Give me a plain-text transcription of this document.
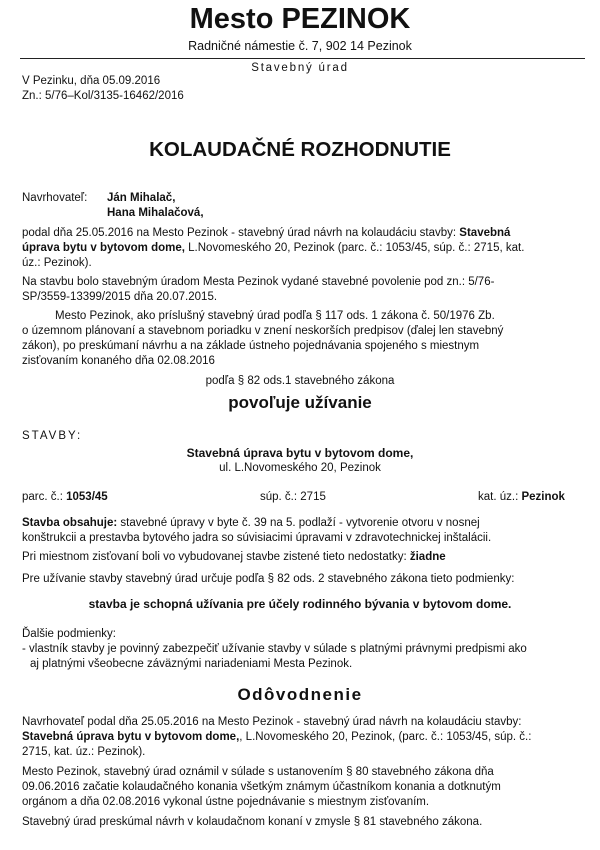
Mesto PEZINOK
Radničné námestie č. 7, 902 14 Pezinok
Stavebný úrad
V Pezinku, dňa 05.09.2016
Zn.: 5/76–Kol/3135-16462/2016
KOLAUDAČNÉ ROZHODNUTIE
Navrhovateľ: Ján Mihalač,
Hana Mihalačová,
podal dňa 25.05.2016 na Mesto Pezinok - stavebný úrad návrh na kolaudáciu stavby: Stavebná
úprava bytu v bytovom dome, L.Novomeského 20, Pezinok (parc. č.: 1053/45, súp. č.: 2715, kat.
úz.: Pezinok).
Na stavbu bolo stavebným úradom Mesta Pezinok vydané stavebné povolenie pod zn.: 5/76-
SP/3559-13399/2015 dňa 20.07.2015.
Mesto Pezinok, ako príslušný stavebný úrad podľa § 117 ods. 1 zákona č. 50/1976 Zb.
o územnom plánovaní a stavebnom poriadku v znení neskorších predpisov (ďalej len stavebný
zákon), po preskúmaní návrhu a na základe ústneho pojednávania spojeného s miestnym
zisťovaním konaného dňa 02.08.2016
podľa § 82 ods.1 stavebného zákona
povoľuje užívanie
STAVBY:
Stavebná úprava bytu v bytovom dome,
ul. L.Novomeského 20, Pezinok
parc. č.: 1053/45	súp. č.: 2715	kat. úz.: Pezinok
Stavba obsahuje: stavebné úpravy v byte č. 39 na 5. podlaží - vytvorenie otvoru v nosnej
konštrukcii a prestavba bytového jadra so súvisiacimi úpravami v zdravotechnickej inštalácii.
Pri miestnom zisťovaní boli vo vybudovanej stavbe zistené tieto nedostatky: žiadne
Pre užívanie stavby stavebný úrad určuje podľa § 82 ods. 2 stavebného zákona tieto podmienky:
stavba je schopná užívania pre účely rodinného bývania v bytovom dome.
Ďalšie podmienky:
- vlastník stavby je povinný zabezpečiť užívanie stavby v súlade s platnými právnymi predpismi ako
aj platnými všeobecne záväznými nariadeniami Mesta Pezinok.
Odôvodnenie
Navrhovateľ podal dňa 25.05.2016 na Mesto Pezinok - stavebný úrad návrh na kolaudáciu stavby:
Stavebná úprava bytu v bytovom dome,, L.Novomeského 20, Pezinok, (parc. č.: 1053/45, súp. č.:
2715, kat. úz.: Pezinok).
Mesto Pezinok, stavebný úrad oznámil v súlade s ustanovením § 80 stavebného zákona dňa
09.06.2016 začatie kolaudačného konania všetkým známym účastníkom konania a dotknutým
orgánom a dňa 02.08.2016 vykonal ústne pojednávanie s miestnym zisťovaním.
Stavebný úrad preskúmal návrh v kolaudačnom konaní v zmysle § 81 stavebného zákona.
